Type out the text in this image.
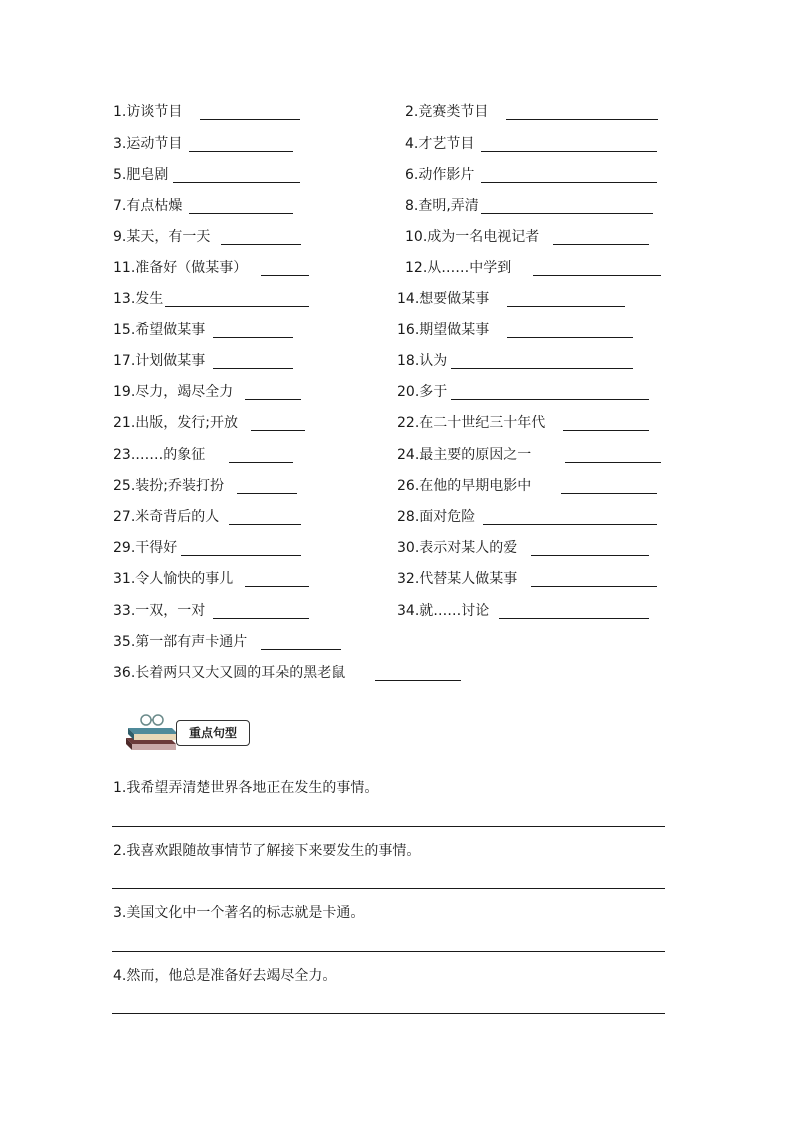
1.访谈节目	2.竞赛类节目
3.运动节目	4.才艺节目
5.肥皂剧	6.动作影片
7.有点枯燥	8.查明,弄清
9.某天，有一天	10.成为一名电视记者
11.准备好（做某事）	12.从……中学到
13.发生	14.想要做某事
15.希望做某事	16.期望做某事
17.计划做某事	18.认为
19.尽力，竭尽全力	20.多于
21.出版，发行;开放	22.在二十世纪三十年代
23.……的象征	24.最主要的原因之一
25.装扮;乔装打扮	26.在他的早期电影中
27.米奇背后的人	28.面对危险
29.干得好	30.表示对某人的爱
31.令人愉快的事儿	32.代替某人做某事
33.一双，一对	34.就……讨论
35.第一部有声卡通片
36.长着两只又大又圆的耳朵的黑老鼠
重点句型
1.我希望弄清楚世界各地正在发生的事情。
2.我喜欢跟随故事情节了解接下来要发生的事情。
3.美国文化中一个著名的标志就是卡通。
4.然而，他总是准备好去竭尽全力。
